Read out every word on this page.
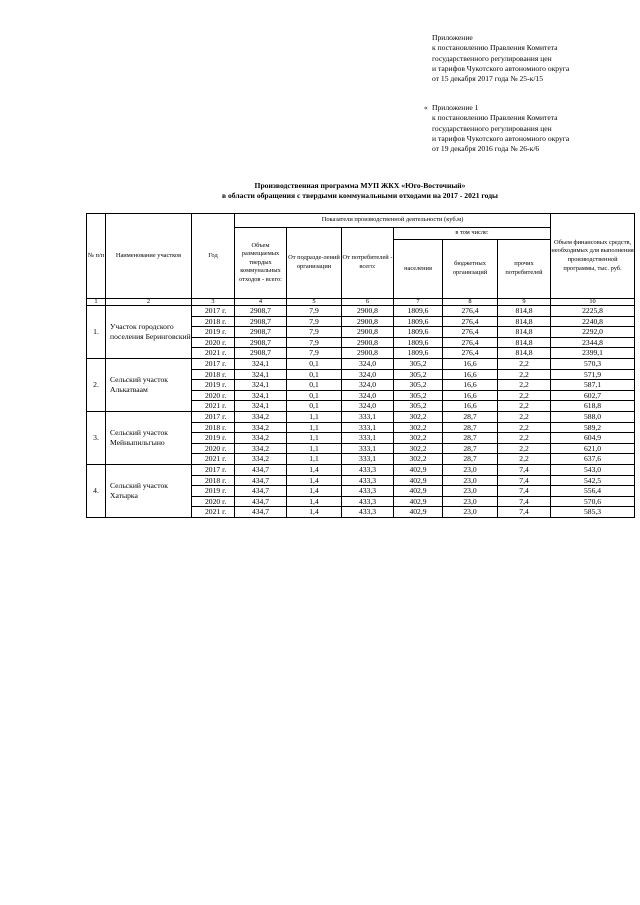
Приложение
к постановлению Правления Комитета
государственного регулирования цен
и тарифов Чукотского автономного округа
от 15 декабря 2017 года № 25-к/15
« Приложение 1
к постановлению Правления Комитета
государственного регулирования цен
и тарифов Чукотского автономного округа
от 19 декабря 2016 года № 26-к/6
Производственная программа МУП ЖКХ «Юго-Восточный»
в области обращения с твердыми коммунальными отходами на 2017 - 2021 годы
№ п/п	Наименование участков	Год	Показатели производственной деятельности (куб.м)						Объем финансовых средств, необходимых для выполнения производственной программы, тыс. руб.
			Объем размещаемых твердых коммунальных отходов - всего:	От подразде-лений организации	От потребителей - всего:	в том числе:			
						населения	бюджетных организаций	прочих потребителей	
1	2	3	4	5	6	7	8	9	10
1.	Участок городского поселения Беринговский	2017 г.	2908,7	7,9	2900,8	1809,6	276,4	814,8	2225,8
		2018 г.	2908,7	7,9	2900,8	1809,6	276,4	814,8	2240,8
		2019 г.	2908,7	7,9	2900,8	1809,6	276,4	814,8	2292,0
		2020 г.	2908,7	7,9	2900,8	1809,6	276,4	814,8	2344,8
		2021 г.	2908,7	7,9	2900,8	1809,6	276,4	814,8	2399,1
2.	Сельский участок Алькатваам	2017 г.	324,1	0,1	324,0	305,2	16,6	2,2	570,3
		2018 г.	324,1	0,1	324,0	305,2	16,6	2,2	571,9
		2019 г.	324,1	0,1	324,0	305,2	16,6	2,2	587,1
		2020 г.	324,1	0,1	324,0	305,2	16,6	2,2	602,7
		2021 г.	324,1	0,1	324,0	305,2	16,6	2,2	618,8
3.	Сельский участок Мейныпильгыно	2017 г.	334,2	1,1	333,1	302,2	28,7	2,2	588,0
		2018 г.	334,2	1,1	333,1	302,2	28,7	2,2	589,2
		2019 г.	334,2	1,1	333,1	302,2	28,7	2,2	604,9
		2020 г.	334,2	1,1	333,1	302,2	28,7	2,2	621,0
		2021 г.	334,2	1,1	333,1	302,2	28,7	2,2	637,6
4.	Сельский участок Хатырка	2017 г.	434,7	1,4	433,3	402,9	23,0	7,4	543,0
		2018 г.	434,7	1,4	433,3	402,9	23,0	7,4	542,5
		2019 г.	434,7	1,4	433,3	402,9	23,0	7,4	556,4
		2020 г.	434,7	1,4	433,3	402,9	23,0	7,4	570,6
		2021 г.	434,7	1,4	433,3	402,9	23,0	7,4	585,3
